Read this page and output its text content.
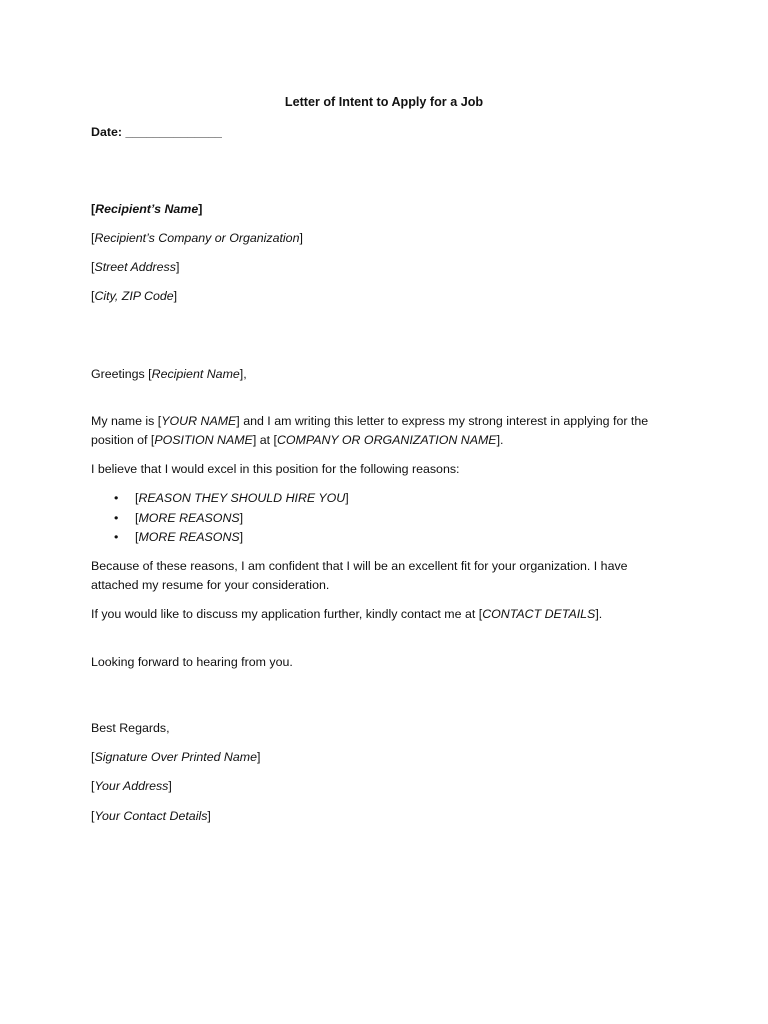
Letter of Intent to Apply for a Job
Date: ______________
[Recipient’s Name]
[Recipient’s Company or Organization]
[Street Address]
[City, ZIP Code]
Greetings [Recipient Name],
My name is [YOUR NAME] and I am writing this letter to express my strong interest in applying for the
position of [POSITION NAME] at [COMPANY OR ORGANIZATION NAME].
I believe that I would excel in this position for the following reasons:
• [REASON THEY SHOULD HIRE YOU]
• [MORE REASONS]
• [MORE REASONS]
Because of these reasons, I am confident that I will be an excellent fit for your organization. I have
attached my resume for your consideration.
If you would like to discuss my application further, kindly contact me at [CONTACT DETAILS].
Looking forward to hearing from you.
Best Regards,
[Signature Over Printed Name]
[Your Address]
[Your Contact Details]
